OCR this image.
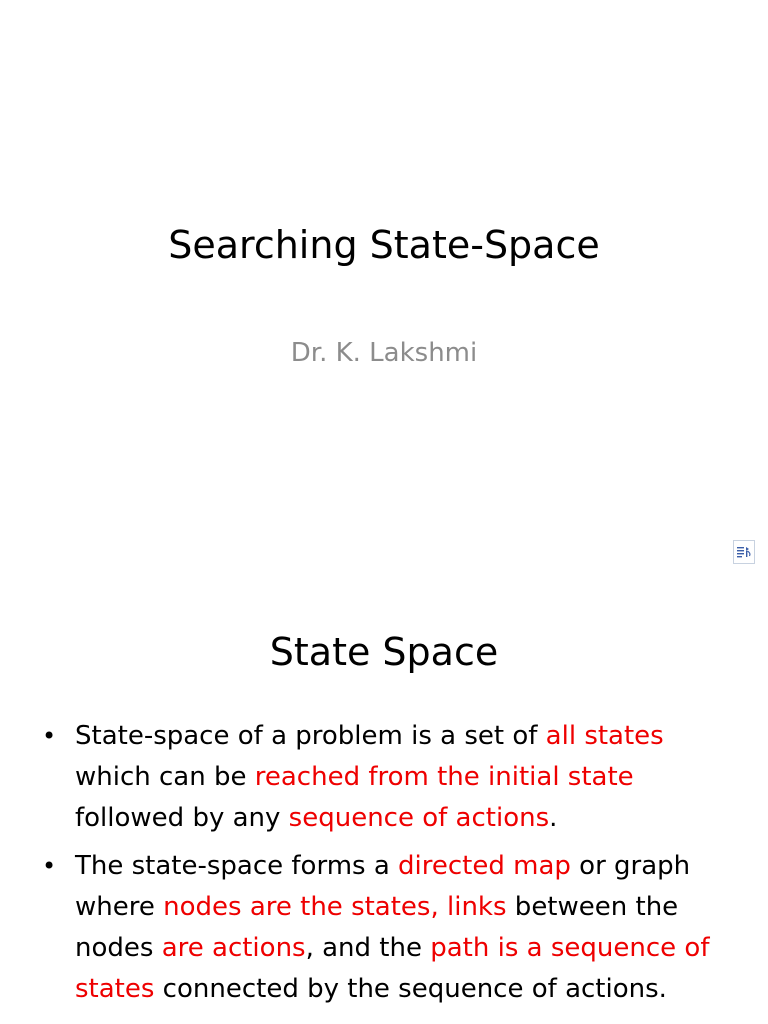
Searching State-Space
Dr. K. Lakshmi
State Space
• State-space of a problem is a set of all states which can be reached from the initial state followed by any sequence of actions.
• The state-space forms a directed map or graph where nodes are the states, links between the nodes are actions, and the path is a sequence of states connected by the sequence of actions.
